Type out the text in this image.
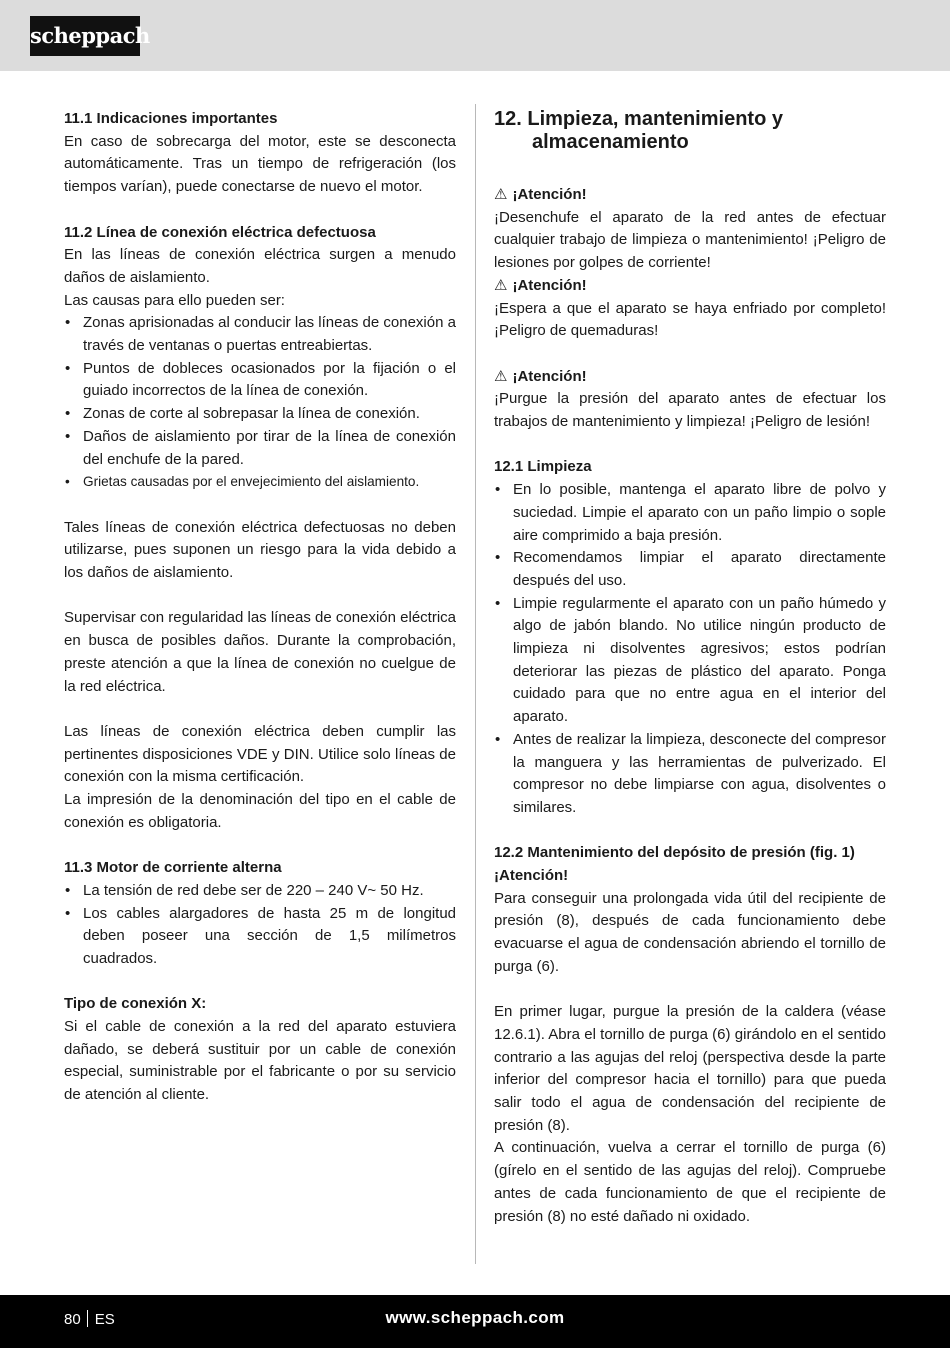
scheppach
11.1 Indicaciones importantes
En caso de sobrecarga del motor, este se desconecta automáticamente. Tras un tiempo de refrigeración (los tiempos varían), puede conectarse de nuevo el motor.
11.2 Línea de conexión eléctrica defectuosa
En las líneas de conexión eléctrica surgen a menudo daños de aislamiento.
Las causas para ello pueden ser:
• Zonas aprisionadas al conducir las líneas de conexión a través de ventanas o puertas entreabiertas.
• Puntos de dobleces ocasionados por la fijación o el guiado incorrectos de la línea de conexión.
• Zonas de corte al sobrepasar la línea de conexión.
• Daños de aislamiento por tirar de la línea de conexión del enchufe de la pared.
• Grietas causadas por el envejecimiento del aislamiento.
Tales líneas de conexión eléctrica defectuosas no deben utilizarse, pues suponen un riesgo para la vida debido a los daños de aislamiento.
Supervisar con regularidad las líneas de conexión eléctrica en busca de posibles daños. Durante la comprobación, preste atención a que la línea de conexión no cuelgue de la red eléctrica.
Las líneas de conexión eléctrica deben cumplir las pertinentes disposiciones VDE y DIN. Utilice solo líneas de conexión con la misma certificación.
La impresión de la denominación del tipo en el cable de conexión es obligatoria.
11.3 Motor de corriente alterna
• La tensión de red debe ser de 220 – 240 V~ 50 Hz.
• Los cables alargadores de hasta 25 m de longitud deben poseer una sección de 1,5 milímetros cuadrados.
Tipo de conexión X:
Si el cable de conexión a la red del aparato estuviera dañado, se deberá sustituir por un cable de conexión especial, suministrable por el fabricante o por su servicio de atención al cliente.
12. Limpieza, mantenimiento y almacenamiento
⚠ ¡Atención!
¡Desenchufe el aparato de la red antes de efectuar cualquier trabajo de limpieza o mantenimiento! ¡Peligro de lesiones por golpes de corriente!
⚠ ¡Atención!
¡Espera a que el aparato se haya enfriado por completo! ¡Peligro de quemaduras!
⚠ ¡Atención!
¡Purgue la presión del aparato antes de efectuar los trabajos de mantenimiento y limpieza! ¡Peligro de lesión!
12.1 Limpieza
• En lo posible, mantenga el aparato libre de polvo y suciedad. Limpie el aparato con un paño limpio o sople aire comprimido a baja presión.
• Recomendamos limpiar el aparato directamente después del uso.
• Limpie regularmente el aparato con un paño húmedo y algo de jabón blando. No utilice ningún producto de limpieza ni disolventes agresivos; estos podrían deteriorar las piezas de plástico del aparato. Ponga cuidado para que no entre agua en el interior del aparato.
• Antes de realizar la limpieza, desconecte del compresor la manguera y las herramientas de pulverizado. El compresor no debe limpiarse con agua, disolventes o similares.
12.2 Mantenimiento del depósito de presión (fig. 1)
¡Atención!
Para conseguir una prolongada vida útil del recipiente de presión (8), después de cada funcionamiento debe evacuarse el agua de condensación abriendo el tornillo de purga (6).
En primer lugar, purgue la presión de la caldera (véase 12.6.1). Abra el tornillo de purga (6) girándolo en el sentido contrario a las agujas del reloj (perspectiva desde la parte inferior del compresor hacia el tornillo) para que pueda salir todo el agua de condensación del recipiente de presión (8).
A continuación, vuelva a cerrar el tornillo de purga (6) (gírelo en el sentido de las agujas del reloj). Compruebe antes de cada funcionamiento de que el recipiente de presión (8) no esté dañado ni oxidado.
80 ES	www.scheppach.com
